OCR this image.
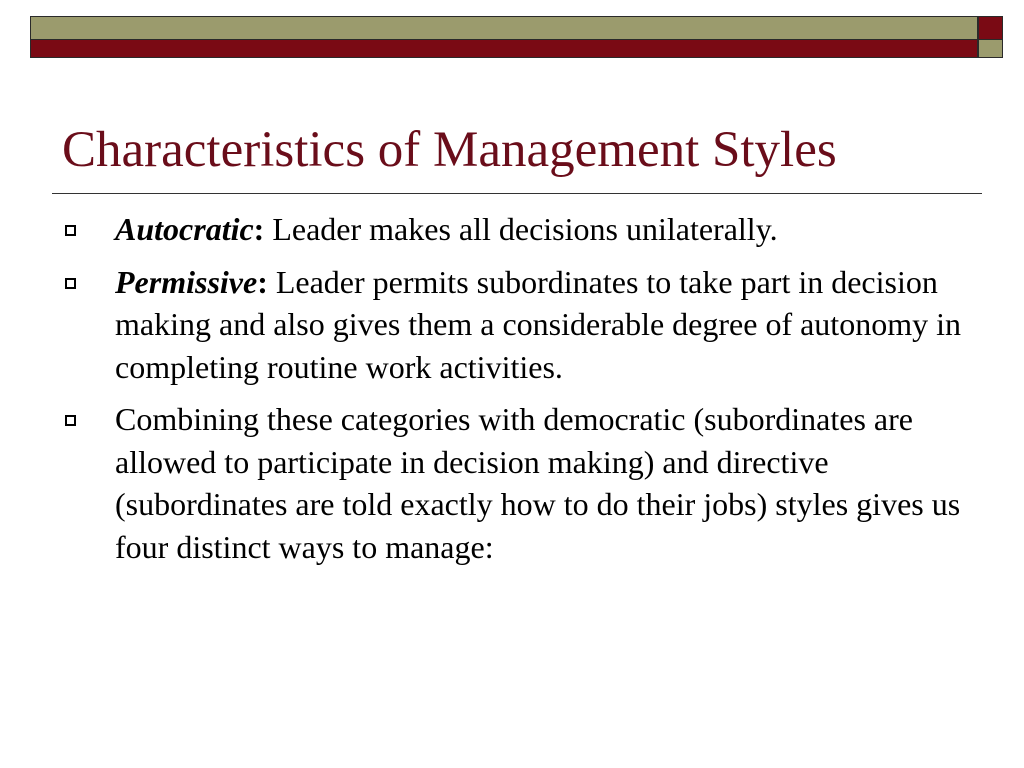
Characteristics of Management Styles
Autocratic: Leader makes all decisions unilaterally.
Permissive: Leader permits subordinates to take part in decision making and also gives them a considerable degree of autonomy in completing routine work activities.
Combining these categories with democratic (subordinates are allowed to participate in decision making) and directive (subordinates are told exactly how to do their jobs) styles gives us four distinct ways to manage:
